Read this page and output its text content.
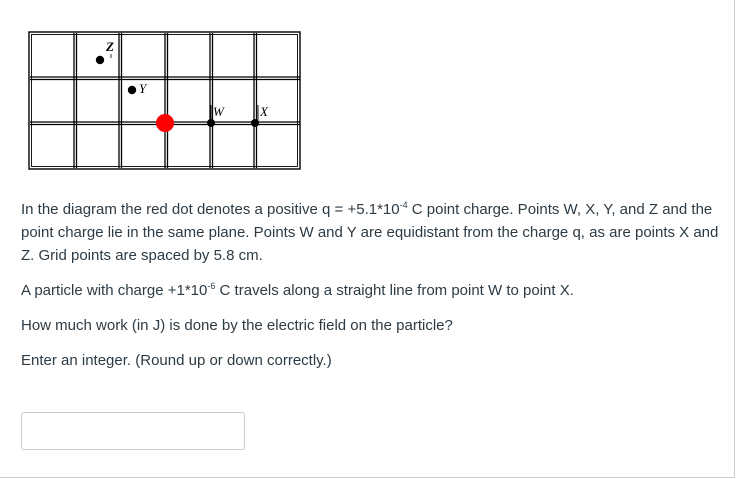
Z
Y
W	X

In the diagram the red dot denotes a positive $q = +5.1*10^{-4}$ C point charge. Points W, X, Y, and Z and the point charge lie in the same plane. Points W and Y are equidistant from the charge q, as are points X and Z. Grid points are spaced by 5.8 cm.

A particle with charge $+1*10^{-6}$ C travels along a straight line from point W to point X.

How much work (in J) is done by the electric field on the particle?

Enter an integer. (Round up or down correctly.)
